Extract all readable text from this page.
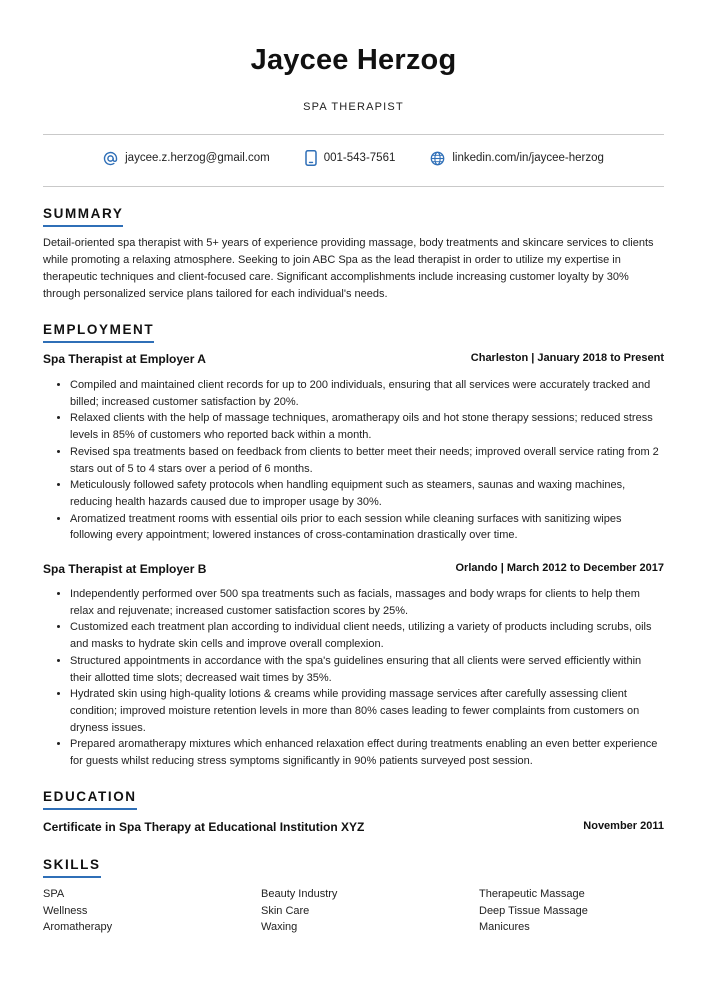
Jaycee Herzog
SPA THERAPIST
jaycee.z.herzog@gmail.com	001-543-7561	linkedin.com/in/jaycee-herzog
SUMMARY
Detail-oriented spa therapist with 5+ years of experience providing massage, body treatments and skincare services to clients while promoting a relaxing atmosphere. Seeking to join ABC Spa as the lead therapist in order to utilize my expertise in therapeutic techniques and client-focused care. Significant accomplishments include increasing customer loyalty by 30% through personalized service plans tailored for each individual's needs.
EMPLOYMENT
Spa Therapist at Employer A	Charleston | January 2018 to Present
• Compiled and maintained client records for up to 200 individuals, ensuring that all services were accurately tracked and billed; increased customer satisfaction by 20%.
• Relaxed clients with the help of massage techniques, aromatherapy oils and hot stone therapy sessions; reduced stress levels in 85% of customers who reported back within a month.
• Revised spa treatments based on feedback from clients to better meet their needs; improved overall service rating from 2 stars out of 5 to 4 stars over a period of 6 months.
• Meticulously followed safety protocols when handling equipment such as steamers, saunas and waxing machines, reducing health hazards caused due to improper usage by 30%.
• Aromatized treatment rooms with essential oils prior to each session while cleaning surfaces with sanitizing wipes following every appointment; lowered instances of cross-contamination drastically over time.
Spa Therapist at Employer B	Orlando | March 2012 to December 2017
• Independently performed over 500 spa treatments such as facials, massages and body wraps for clients to help them relax and rejuvenate; increased customer satisfaction scores by 25%.
• Customized each treatment plan according to individual client needs, utilizing a variety of products including scrubs, oils and masks to hydrate skin cells and improve overall complexion.
• Structured appointments in accordance with the spa's guidelines ensuring that all clients were served efficiently within their allotted time slots; decreased wait times by 35%.
• Hydrated skin using high-quality lotions & creams while providing massage services after carefully assessing client condition; improved moisture retention levels in more than 80% cases leading to fewer complaints from customers on dryness issues.
• Prepared aromatherapy mixtures which enhanced relaxation effect during treatments enabling an even better experience for guests whilst reducing stress symptoms significantly in 90% patients surveyed post session.
EDUCATION
Certificate in Spa Therapy at Educational Institution XYZ	November 2011
SKILLS
SPA	Beauty Industry	Therapeutic Massage
Wellness	Skin Care	Deep Tissue Massage
Aromatherapy	Waxing	Manicures
